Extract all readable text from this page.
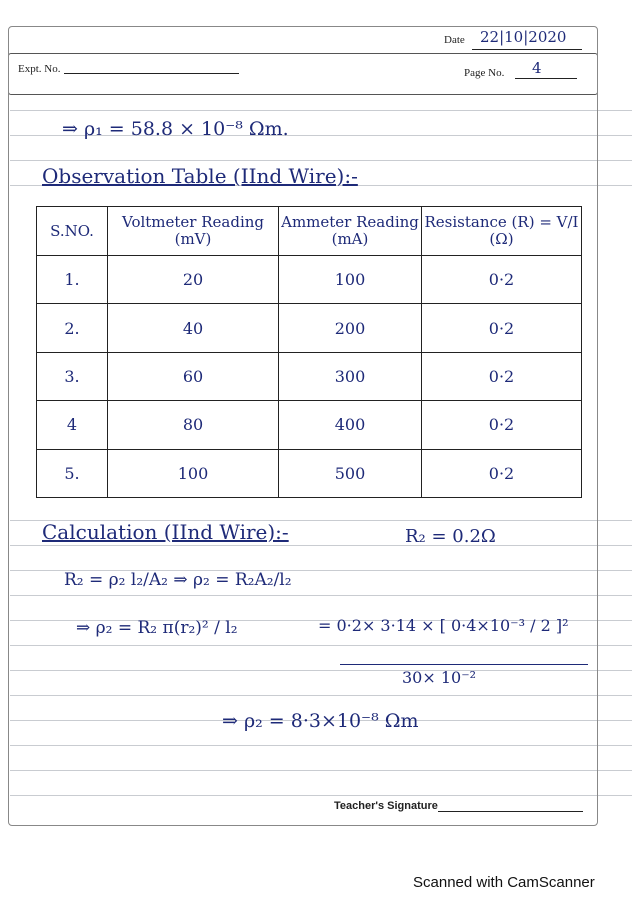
Date 22|10|2020
Expt. No.	Page No. 4
⇒ ρ₁ = 58.8 × 10⁻⁸ Ωm.
Observation Table (IInd Wire):-
S.NO.	Voltmeter Reading (mV)	Ammeter Reading (mA)	Resistance (R) = V/I (Ω)
1.	20	100	0·2
2.	40	200	0·2
3.	60	300	0·2
4	80	400	0·2
5.	100	500	0·2
Calculation (IInd Wire):-	R₂ = 0.2Ω
R₂ = ρ₂ l₂/A₂ ⇒ ρ₂ = R₂A₂/l₂
⇒ ρ₂ = R₂ π(r₂)² / l₂	= 0·2× 3·14 × [ 0·4×10⁻³ / 2 ]²
30× 10⁻²
⇒ ρ₂ = 8·3×10⁻⁸ Ωm
Teacher's Signature
Scanned with CamScanner
